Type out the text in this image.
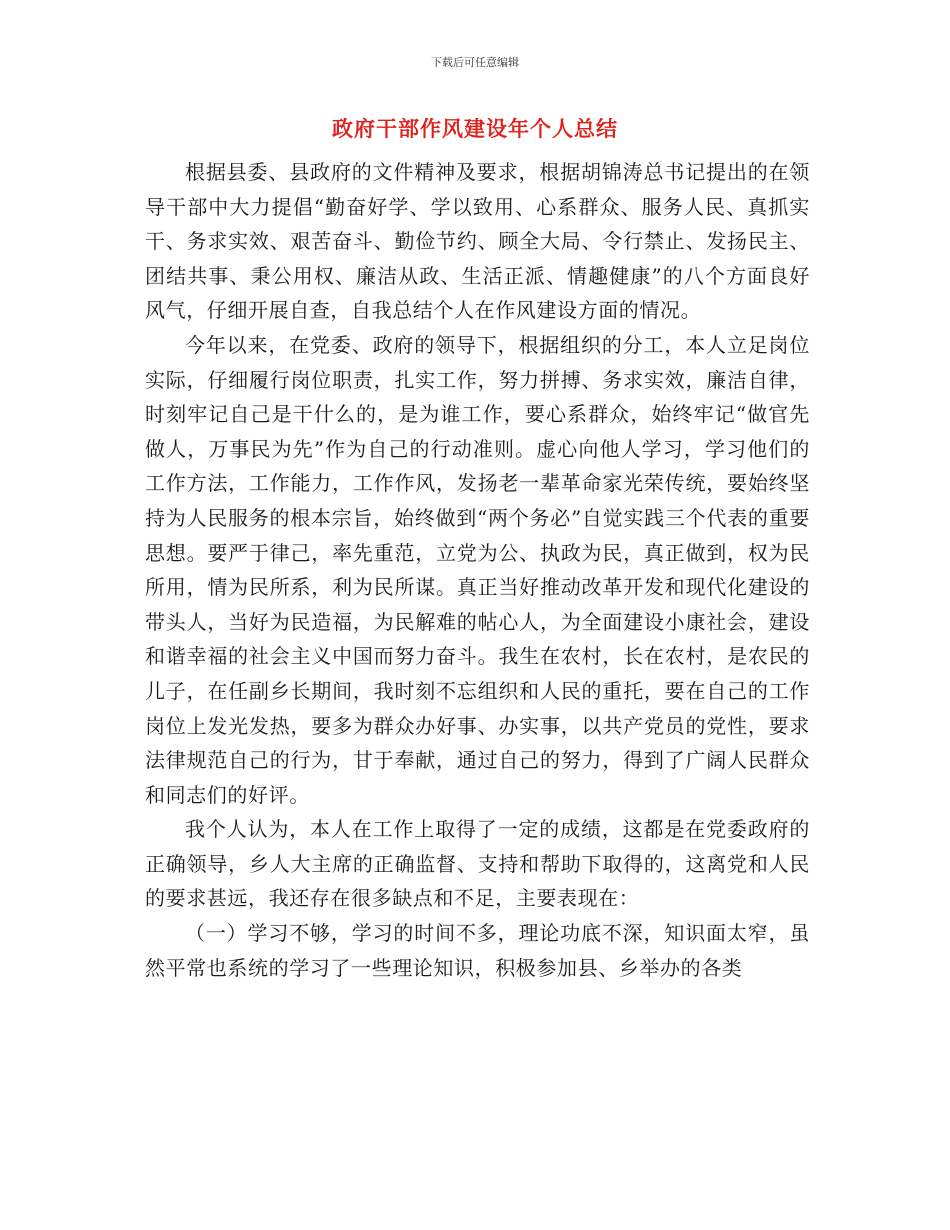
下载后可任意编辑
政府干部作风建设年个人总结

根据县委、县政府的文件精神及要求，根据胡锦涛总书记提出的在领导干部中大力提倡“勤奋好学、学以致用、心系群众、服务人民、真抓实干、务求实效、艰苦奋斗、勤俭节约、顾全大局、令行禁止、发扬民主、团结共事、秉公用权、廉洁从政、生活正派、情趣健康”的八个方面良好风气，仔细开展自查，自我总结个人在作风建设方面的情况。

今年以来，在党委、政府的领导下，根据组织的分工，本人立足岗位实际，仔细履行岗位职责，扎实工作，努力拼搏、务求实效，廉洁自律，时刻牢记自己是干什么的，是为谁工作，要心系群众，始终牢记“做官先做人，万事民为先”作为自己的行动准则。虚心向他人学习，学习他们的工作方法，工作能力，工作作风，发扬老一辈革命家光荣传统，要始终坚持为人民服务的根本宗旨，始终做到“两个务必”自觉实践三个代表的重要思想。要严于律己，率先重范，立党为公、执政为民，真正做到，权为民所用，情为民所系，利为民所谋。真正当好推动改革开发和现代化建设的带头人，当好为民造福，为民解难的帖心人，为全面建设小康社会，建设和谐幸福的社会主义中国而努力奋斗。我生在农村，长在农村，是农民的儿子，在任副乡长期间，我时刻不忘组织和人民的重托，要在自己的工作岗位上发光发热，要多为群众办好事、办实事，以共产党员的党性，要求法律规范自己的行为，甘于奉献，通过自己的努力，得到了广阔人民群众和同志们的好评。

我个人认为，本人在工作上取得了一定的成绩，这都是在党委政府的正确领导，乡人大主席的正确监督、支持和帮助下取得的，这离党和人民的要求甚远，我还存在很多缺点和不足，主要表现在：

（一）学习不够，学习的时间不多，理论功底不深，知识面太窄，虽然平常也系统的学习了一些理论知识，积极参加县、乡举办的各类
